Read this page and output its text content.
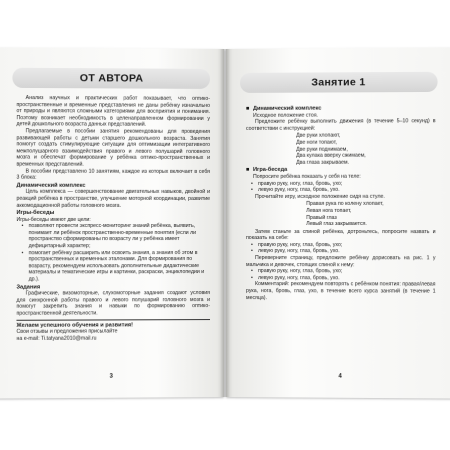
ОТ АВТОРА

Анализ научных и практических работ показывает, что оптико-пространственные и временные представления не даны ребёнку изначально от природы и являются сложными категориями для восприятия и понимания. Поэтому возникает необходимость в целенаправленном формировании у детей дошкольного возраста данных представлений.

Предлагаемые в пособии занятия рекомендованы для проведения развивающей работы с детьми старшего дошкольного возраста. Занятия помогут создать стимулирующие ситуации для оптимизации интегративного межполушарного взаимодействия правого и левого полушарий головного мозга и обеспечат формирование у ребёнка оптико-пространственных и временных представлений.

В пособии представлено 10 занятиям, каждое из которых включает в себя 3 блока:

Динамический комплекс

Цель комплекса — совершенствование двигательных навыков, двойной и реакций ребёнка в пространстве, улучшение моторной координации, развитие аккомодационной работы головного мозга.

Игры-беседы

Игры-беседы имеют две цели:

• позволяют провести экспресс-мониторинг знаний ребёнка, выявить, понимает ли ребёнок пространственно-временные понятия (если ли пространство сформированы по возрасту ли у ребёнка имеет дефицитарный характер;
• помогает ребёнку расширить или освоить знания, а знания об этом в пространственных и временных эталонами. Для формирования по возрасту, рекомендуем использовать дополнительные дидактические материалы и тематические игры и картинки, раскраски, энциклопедии и др.).
Задания

Графические, визомоторные, слухомоторные задания создают условия для синхронной работы правого и левого полушарий головного мозга и помогут закрепить знания и навыки по формированию оптико-пространственной деятельности.

Желаем успешного обучения и развития!
Свои отзывы и предложения присылайте
на e-mail: Ti.tatyana2010@mail.ru
3
Занятие 1
■ Динамический комплекс
Исходное положение стоя.

Предложите ребёнку выполнить движения (в течение 5–10 секунд) в соответствии с инструкцией:

Две руки хлопают,
Две ноги топают,
Две руки поднимаем,
Два кулака вверху сжимаем,
Два глаза закрываем.
■ Игра-беседа
Попросите ребёнка показать у себя на теле:
• правую руку, ногу, глаз, бровь, ухо;
• левую руку, ногу, глаз, бровь, ухо.

Прочитайте игру, исходное положение сидя на стуле.

Правая рука по колену хлопает,
Левая нога топает,
Правый глаз
Левый глаз закрывается.

Затем станьте за спиной ребёнка, дотроньтесь, попросите назвать и показать на себе:

• правую руку, ногу, глаз, бровь, ухо;
• левую руку, ногу, глаз, бровь, ухо.

Переверните страницу, предложите ребёнку дорисовать на рис. 1 у мальчика и девочек, стоящих спиной к нему:

• правую руку, ногу, глаз, бровь, ухо;
• левую руку, ногу, глаз, бровь, ухо.

Комментарий: рекомендуем повторять с ребёнком понятия: правая/левая рука, нога, бровь, глаз, ухо, в течение всего курса занятий (в течение 1 месяца).

4
